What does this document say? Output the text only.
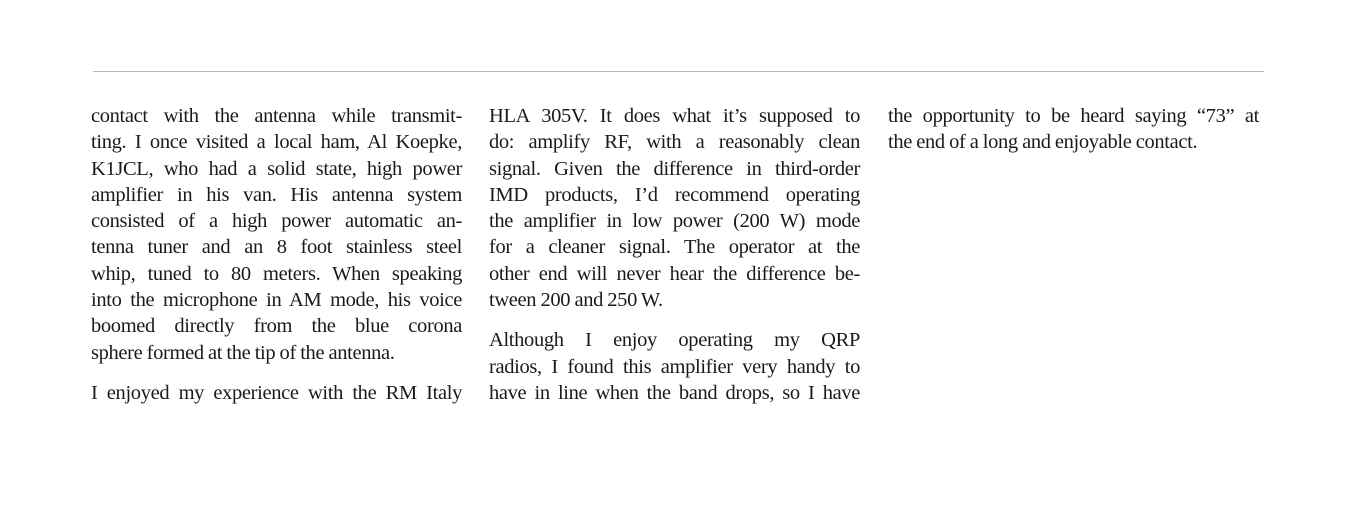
contact with the antenna while transmit-
ting. I once visited a local ham, Al Koepke,
K1JCL, who had a solid state, high power
amplifier in his van. His antenna system
consisted of a high power automatic an-
tenna tuner and an 8 foot stainless steel
whip, tuned to 80 meters. When speaking
into the microphone in AM mode, his voice
boomed directly from the blue corona
sphere formed at the tip of the antenna.

I enjoyed my experience with the RM Italy

HLA 305V. It does what it’s supposed to
do: amplify RF, with a reasonably clean
signal. Given the difference in third-order
IMD products, I’d recommend operating
the amplifier in low power (200 W) mode
for a cleaner signal. The operator at the
other end will never hear the difference be-
tween 200 and 250 W.

Although I enjoy operating my QRP
radios, I found this amplifier very handy to
have in line when the band drops, so I have

the opportunity to be heard saying “73” at
the end of a long and enjoyable contact.
